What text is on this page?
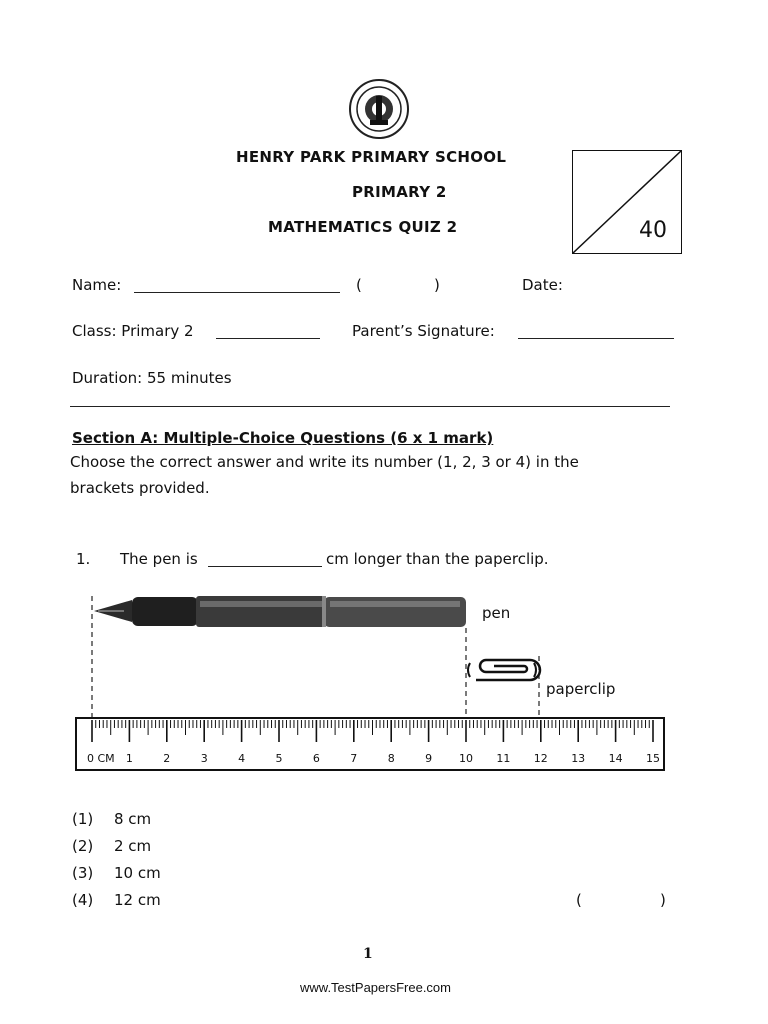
HENRY PARK PRIMARY SCHOOL
PRIMARY 2
MATHEMATICS QUIZ 2	40
Name:	(	)	Date:
Class: Primary 2	Parent’s Signature:
Duration: 55 minutes
Section A: Multiple-Choice Questions (6 x 1 mark)
Choose the correct answer and write its number (1, 2, 3 or 4) in the
brackets provided.
1. The pen is	cm longer than the paperclip.
pen
paperclip
0 CM 1	2	3	4	5	6	7	8	9 10 11 12 13 14 15
(1) 8 cm
(2) 2 cm
(3) 10 cm
(4) 12 cm	(	)
1
www.TestPapersFree.com
